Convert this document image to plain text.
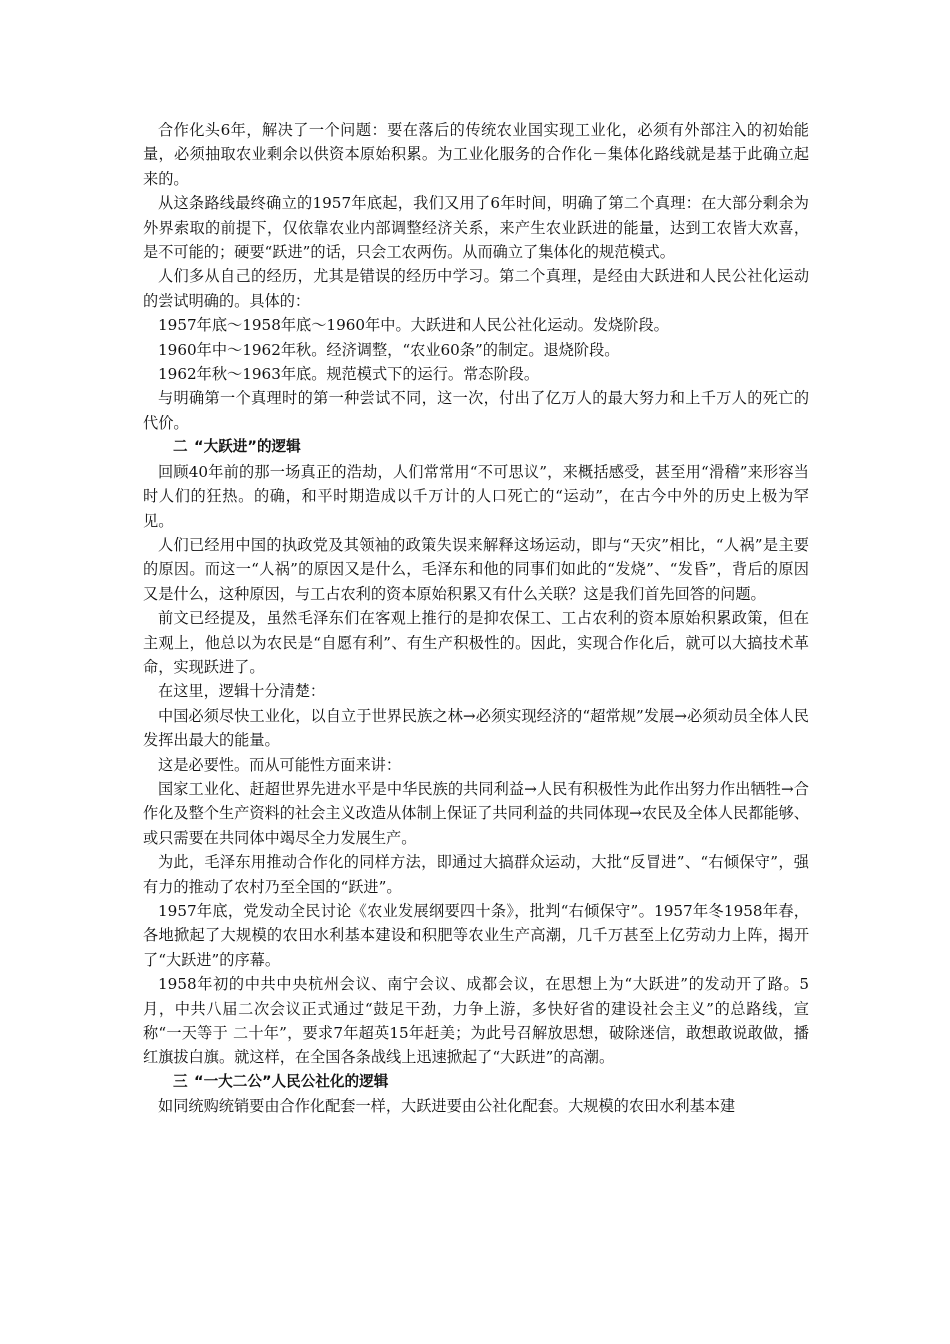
合作化头6年，解决了一个问题：要在落后的传统农业国实现工业化，必须有外部注入的初始能量，必须抽取农业剩余以供资本原始积累。为工业化服务的合作化－集体化路线就是基于此确立起来的。

从这条路线最终确立的1957年底起，我们又用了6年时间，明确了第二个真理：在大部分剩余为外界索取的前提下，仅依靠农业内部调整经济关系，来产生农业跃进的能量，达到工农皆大欢喜，是不可能的；硬要“跃进”的话，只会工农两伤。从而确立了集体化的规范模式。

人们多从自己的经历，尤其是错误的经历中学习。第二个真理，是经由大跃进和人民公社化运动的尝试明确的。具体的：

1957年底～1958年底～1960年中。大跃进和人民公社化运动。发烧阶段。

1960年中～1962年秋。经济调整，“农业60条”的制定。退烧阶段。

1962年秋～1963年底。规范模式下的运行。常态阶段。

与明确第一个真理时的第一种尝试不同，这一次，付出了亿万人的最大努力和上千万人的死亡的代价。

二 “大跃进”的逻辑

回顾40年前的那一场真正的浩劫，人们常常用“不可思议”，来概括感受，甚至用“滑稽”来形容当时人们的狂热。的确，和平时期造成以千万计的人口死亡的“运动”，在古今中外的历史上极为罕见。

人们已经用中国的执政党及其领袖的政策失误来解释这场运动，即与“天灾”相比，“人祸”是主要的原因。而这一“人祸”的原因又是什么，毛泽东和他的同事们如此的“发烧”、“发昏”，背后的原因又是什么，这种原因，与工占农利的资本原始积累又有什么关联？这是我们首先回答的问题。

前文已经提及，虽然毛泽东们在客观上推行的是抑农保工、工占农利的资本原始积累政策，但在主观上，他总以为农民是“自愿有利”、有生产积极性的。因此，实现合作化后，就可以大搞技术革命，实现跃进了。

在这里，逻辑十分清楚：

中国必须尽快工业化，以自立于世界民族之林→必须实现经济的“超常规”发展→必须动员全体人民发挥出最大的能量。

这是必要性。而从可能性方面来讲：

国家工业化、赶超世界先进水平是中华民族的共同利益→人民有积极性为此作出努力作出牺牲→合作化及整个生产资料的社会主义改造从体制上保证了共同利益的共同体现→农民及全体人民都能够、或只需要在共同体中竭尽全力发展生产。

为此，毛泽东用推动合作化的同样方法，即通过大搞群众运动，大批“反冒进”、“右倾保守”，强有力的推动了农村乃至全国的“跃进”。

1957年底，党发动全民讨论《农业发展纲要四十条》，批判“右倾保守”。1957年冬1958年春，各地掀起了大规模的农田水利基本建设和积肥等农业生产高潮，几千万甚至上亿劳动力上阵，揭开了“大跃进”的序幕。

1958年初的中共中央杭州会议、南宁会议、成都会议，在思想上为“大跃进”的发动开了路。5月，中共八届二次会议正式通过“鼓足干劲，力争上游，多快好省的建设社会主义”的总路线，宣称“一天等于 二十年”，要求7年超英15年赶美；为此号召解放思想，破除迷信，敢想敢说敢做，播红旗拔白旗。就这样，在全国各条战线上迅速掀起了“大跃进”的高潮。

三 “一大二公”人民公社化的逻辑

如同统购统销要由合作化配套一样，大跃进要由公社化配套。大规模的农田水利基本建
